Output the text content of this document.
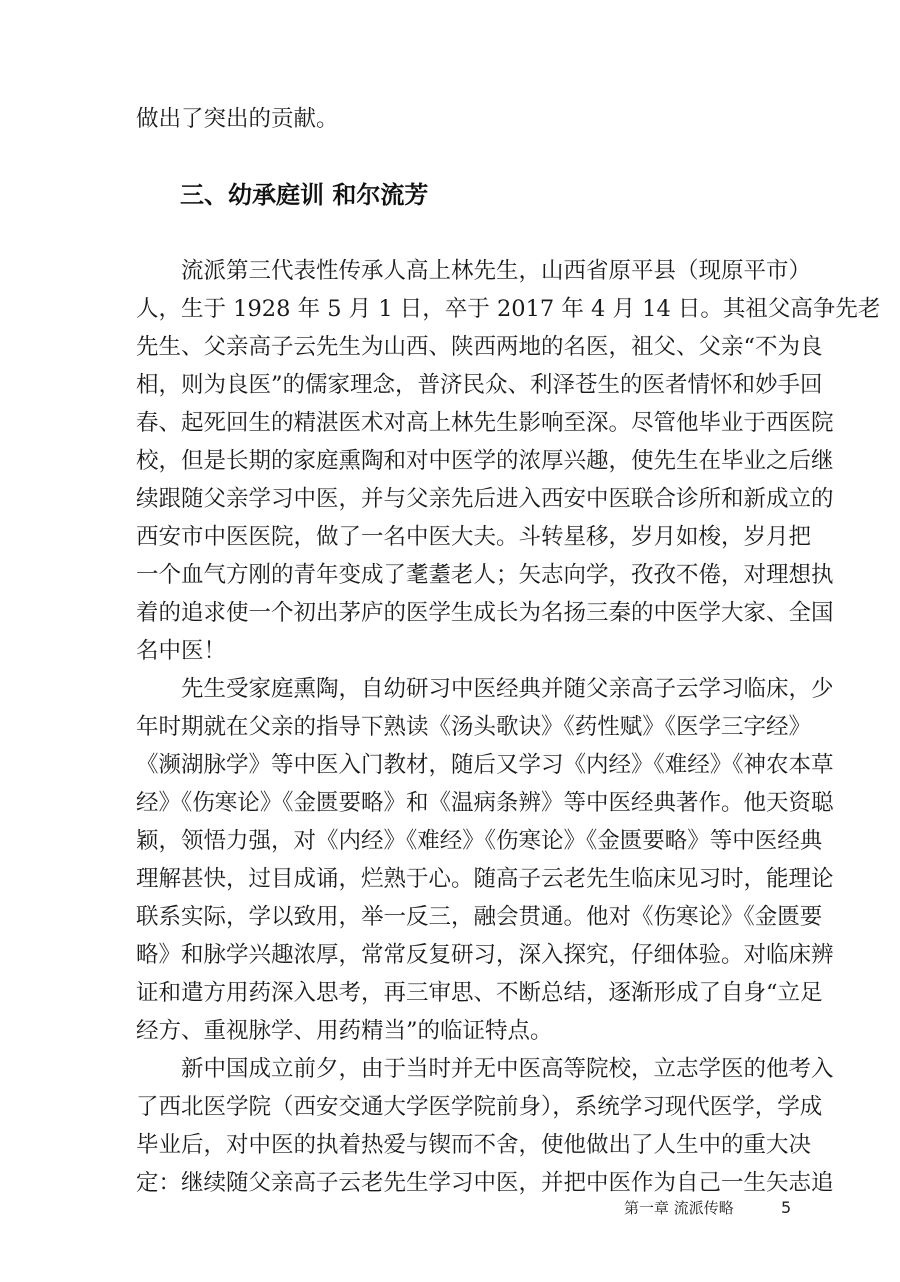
做出了突出的贡献。
三、幼承庭训 和尔流芳
流派第三代表性传承人高上林先生，山西省原平县（现原平市）
人，生于 1928 年 5 月 1 日，卒于 2017 年 4 月 14 日。其祖父高争先老
先生、父亲高子云先生为山西、陕西两地的名医，祖父、父亲“不为良
相，则为良医”的儒家理念，普济民众、利泽苍生的医者情怀和妙手回
春、起死回生的精湛医术对高上林先生影响至深。尽管他毕业于西医院
校，但是长期的家庭熏陶和对中医学的浓厚兴趣，使先生在毕业之后继
续跟随父亲学习中医，并与父亲先后进入西安中医联合诊所和新成立的
西安市中医医院，做了一名中医大夫。斗转星移，岁月如梭，岁月把
一个血气方刚的青年变成了耄耋老人；矢志向学，孜孜不倦，对理想执
着的追求使一个初出茅庐的医学生成长为名扬三秦的中医学大家、全国
名中医！
先生受家庭熏陶，自幼研习中医经典并随父亲高子云学习临床，少
年时期就在父亲的指导下熟读《汤头歌诀》《药性赋》《医学三字经》
《濒湖脉学》等中医入门教材，随后又学习《内经》《难经》《神农本草
经》《伤寒论》《金匮要略》和《温病条辨》等中医经典著作。他天资聪
颖，领悟力强，对《内经》《难经》《伤寒论》《金匮要略》等中医经典
理解甚快，过目成诵，烂熟于心。随高子云老先生临床见习时，能理论
联系实际，学以致用，举一反三，融会贯通。他对《伤寒论》《金匮要
略》和脉学兴趣浓厚，常常反复研习，深入探究，仔细体验。对临床辨
证和遣方用药深入思考，再三审思、不断总结，逐渐形成了自身“立足
经方、重视脉学、用药精当”的临证特点。
新中国成立前夕，由于当时并无中医高等院校，立志学医的他考入
了西北医学院（西安交通大学医学院前身），系统学习现代医学，学成
毕业后，对中医的执着热爱与锲而不舍，使他做出了人生中的重大决
定：继续随父亲高子云老先生学习中医，并把中医作为自己一生矢志追
第一章 流派传略	5
